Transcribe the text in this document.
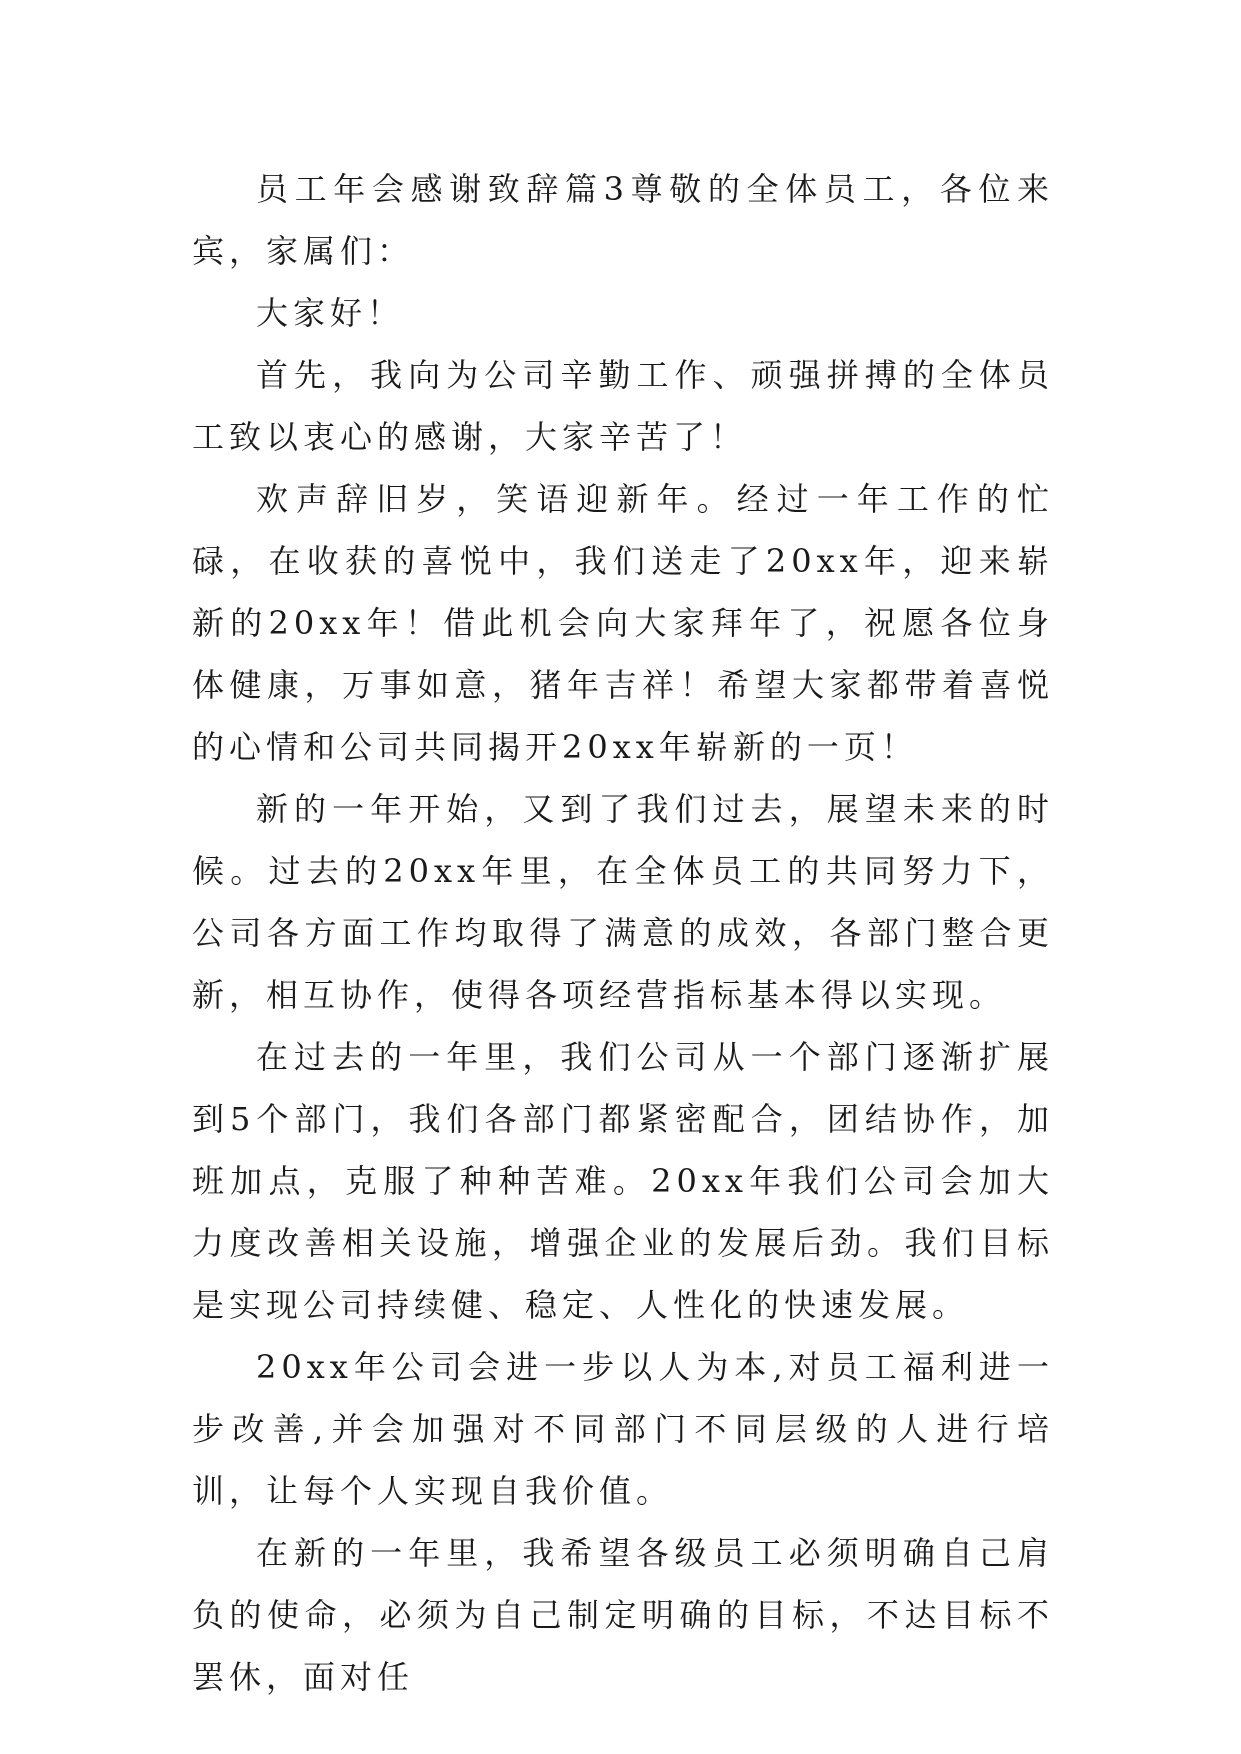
员工年会感谢致辞篇3尊敬的全体员工，各位来宾，家属们：

大家好！

首先，我向为公司辛勤工作、顽强拼搏的全体员工致以衷心的感谢，大家辛苦了！

欢声辞旧岁，笑语迎新年。经过一年工作的忙碌，在收获的喜悦中，我们送走了20xx年，迎来崭新的20xx年！借此机会向大家拜年了，祝愿各位身体健康，万事如意，猪年吉祥！希望大家都带着喜悦的心情和公司共同揭开20xx年崭新的一页！

新的一年开始，又到了我们过去，展望未来的时候。过去的20xx年里，在全体员工的共同努力下，公司各方面工作均取得了满意的成效，各部门整合更新，相互协作，使得各项经营指标基本得以实现。

在过去的一年里，我们公司从一个部门逐渐扩展到5个部门，我们各部门都紧密配合，团结协作，加班加点，克服了种种苦难。20xx年我们公司会加大力度改善相关设施，增强企业的发展后劲。我们目标是实现公司持续健、稳定、人性化的快速发展。

20xx年公司会进一步以人为本,对员工福利进一步改善,并会加强对不同部门不同层级的人进行培训，让每个人实现自我价值。

在新的一年里，我希望各级员工必须明确自己肩负的使命，必须为自己制定明确的目标，不达目标不罢休，面对任
